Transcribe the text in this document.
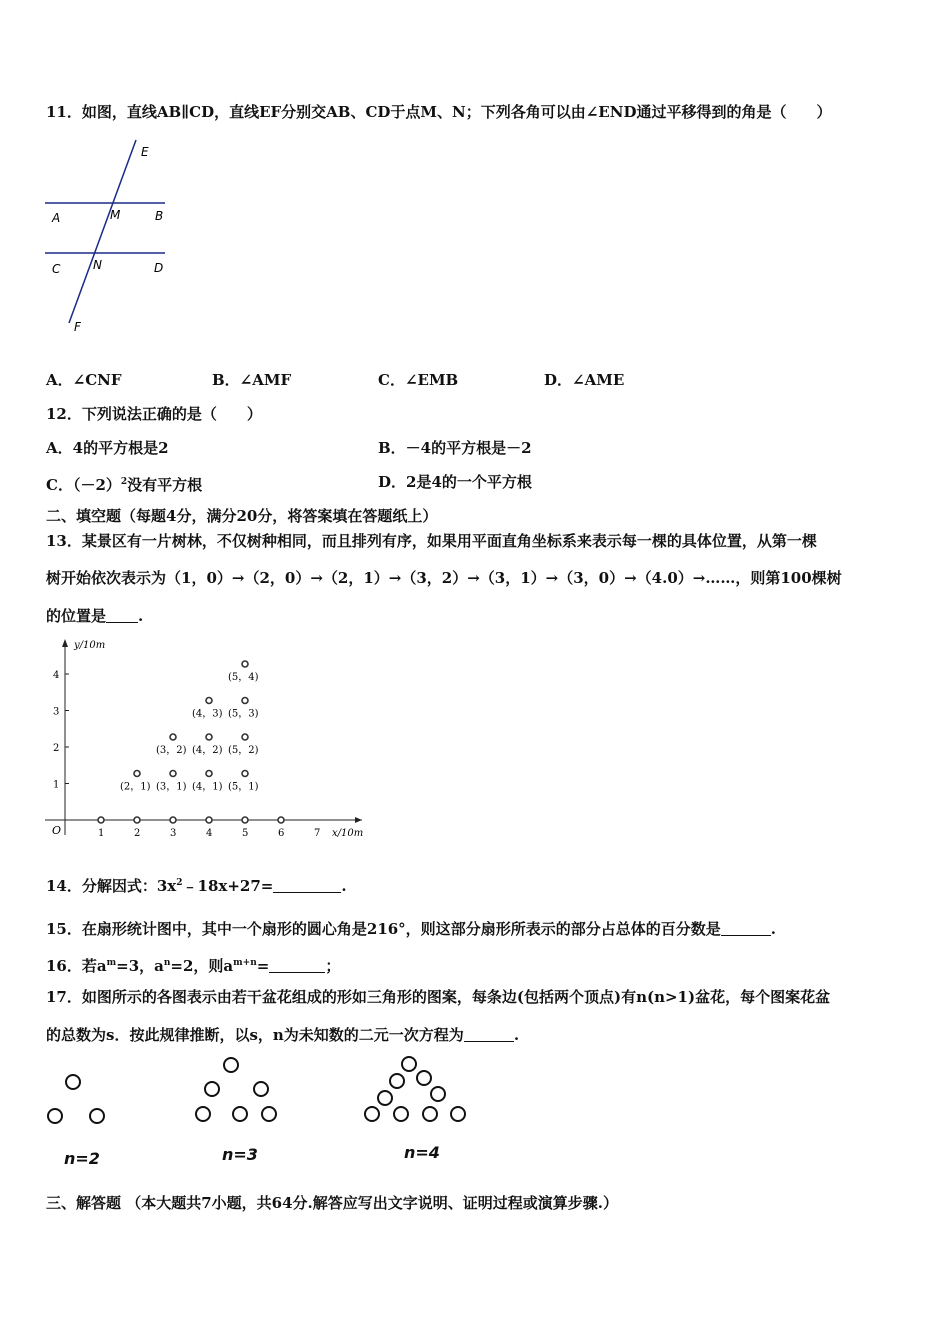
11．如图，直线AB∥CD，直线EF分别交AB、CD于点M、N；下列各角可以由∠END通过平移得到的角是（　　）
E
A	M	B
C	N	D
F
A．∠CNF	B．∠AMF	C．∠EMB	D．∠AME
12．下列说法正确的是（　　）
A．4的平方根是2	B．－4的平方根是－2
C．$(-2)^2$没有平方根	D．2是4的一个平方根
二、填空题（每题4分，满分20分，将答案填在答题纸上）
13．某景区有一片树林，不仅树种相同，而且排列有序，如果用平面直角坐标系来表示每一棵的具体位置，从第一棵
树开始依次表示为（1，0）→（2，0）→（2，1）→（3，2）→（3，1）→（3，0）→（4.0）→……，则第100棵树
的位置是 .
y/10m
x/10m
O	1	2	3	4	5	6	7
1
2
3
4
(2，1) (3，1) (4，1) (5，1)
(3，2) (4，2) (5，2)
(4，3) (5，3)
(5，4)
14．分解因式：$3x^2﹣18x+27=$	.
15．在扇形统计图中，其中一个扇形的圆心角是216°，则这部分扇形所表示的部分占总体的百分数是	.
16．若$a^m=3$，$a^n=2$，则$a^{m+n}=$	；
17．如图所示的各图表示由若干盆花组成的形如三角形的图案，每条边(包括两个顶点)有n(n>1)盆花，每个图案花盆
的总数为s．按此规律推断，以s，n为未知数的二元一次方程为	.
n=2	n=3	n=4
三、解答题 （本大题共7小题，共64分.解答应写出文字说明、证明过程或演算步骤.）
